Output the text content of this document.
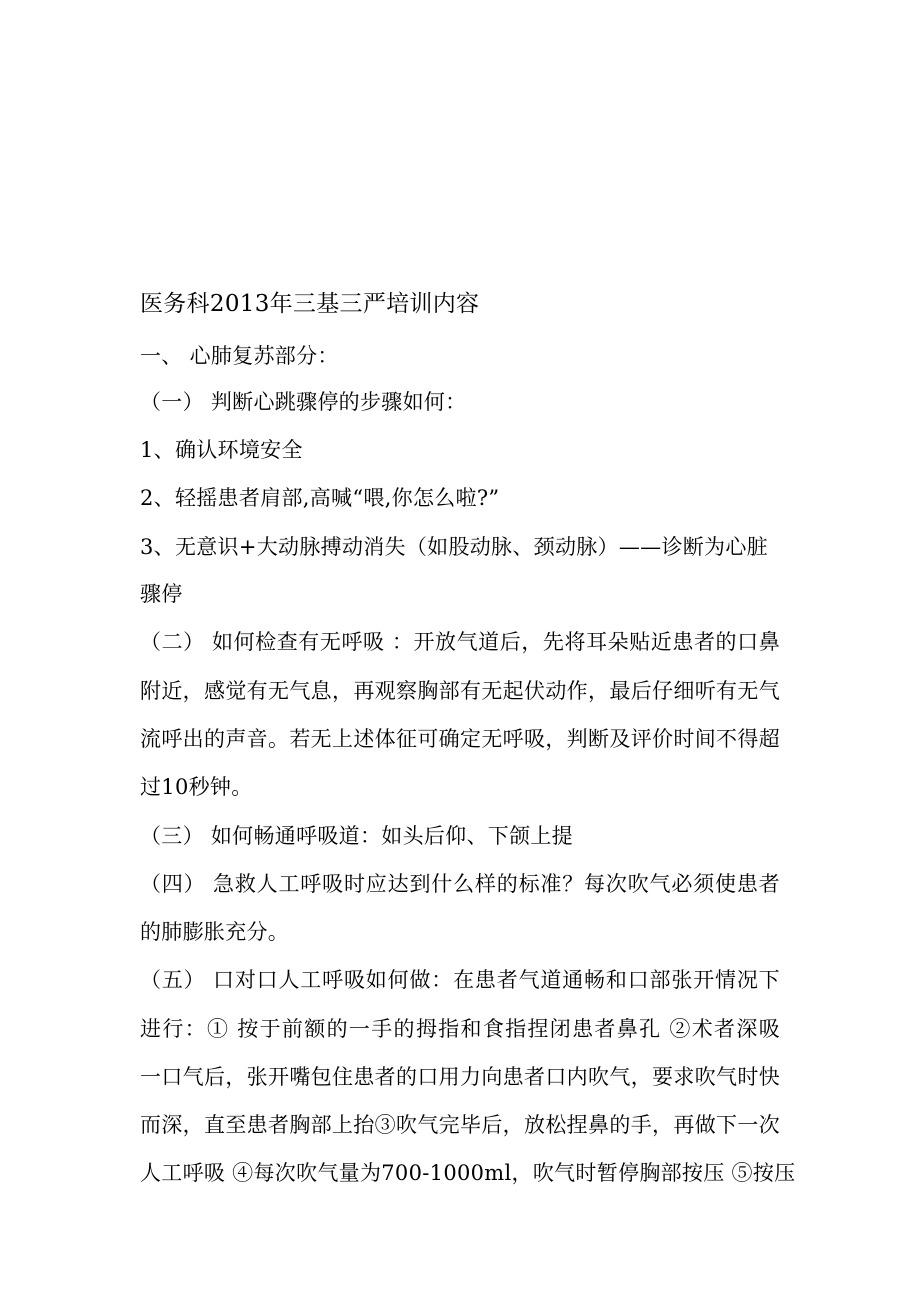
医务科2013年三基三严培训内容
一、 心肺复苏部分：
（一） 判断心跳骤停的步骤如何：
1、确认环境安全
2、轻摇患者肩部,高喊“喂,你怎么啦?”
3、无意识+大动脉搏动消失（如股动脉、颈动脉）——诊断为心脏
骤停
（二） 如何检查有无呼吸 ：开放气道后，先将耳朵贴近患者的口鼻
附近，感觉有无气息，再观察胸部有无起伏动作，最后仔细听有无气
流呼出的声音。若无上述体征可确定无呼吸，判断及评价时间不得超
过10秒钟。
（三） 如何畅通呼吸道：如头后仰、下颌上提
（四） 急救人工呼吸时应达到什么样的标准？每次吹气必须使患者
的肺膨胀充分。
（五） 口对口人工呼吸如何做：在患者气道通畅和口部张开情况下
进行：① 按于前额的一手的拇指和食指捏闭患者鼻孔 ②术者深吸
一口气后，张开嘴包住患者的口用力向患者口内吹气，要求吹气时快
而深，直至患者胸部上抬③吹气完毕后，放松捏鼻的手，再做下一次
人工呼吸 ④每次吹气量为700-1000ml，吹气时暂停胸部按压 ⑤按压
